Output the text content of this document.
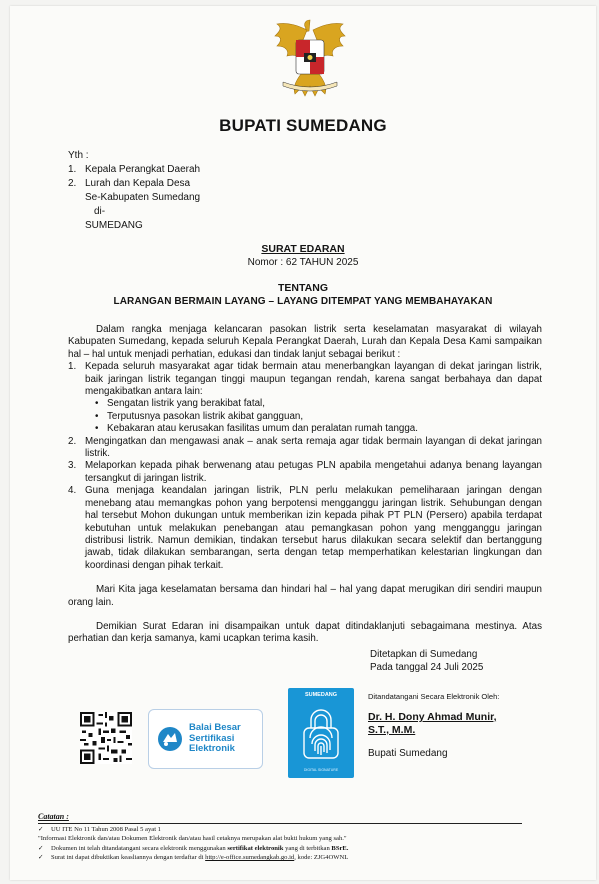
BUPATI SUMEDANG
Yth :
1. Kepala Perangkat Daerah
2. Lurah dan Kepala Desa
Se-Kabupaten Sumedang
di-
SUMEDANG
SURAT EDARAN
Nomor : 62 TAHUN 2025
TENTANG
LARANGAN BERMAIN LAYANG – LAYANG DITEMPAT YANG MEMBAHAYAKAN

Dalam rangka menjaga kelancaran pasokan listrik serta keselamatan masyarakat di wilayah Kabupaten Sumedang, kepada seluruh Kepala Perangkat Daerah, Lurah dan Kepala Desa Kami sampaikan hal – hal untuk menjadi perhatian, edukasi dan tindak lanjut sebagai berikut :

1. Kepada seluruh masyarakat agar tidak bermain atau menerbangkan layangan di dekat jaringan listrik, baik jaringan listrik tegangan tinggi maupun tegangan rendah, karena sangat berbahaya dan dapat mengakibatkan antara lain:
• Sengatan listrik yang berakibat fatal,
• Terputusnya pasokan listrik akibat gangguan,
• Kebakaran atau kerusakan fasilitas umum dan peralatan rumah tangga.
2. Mengingatkan dan mengawasi anak – anak serta remaja agar tidak bermain layangan di dekat jaringan listrik.
3. Melaporkan kepada pihak berwenang atau petugas PLN apabila mengetahui adanya benang layangan tersangkut di jaringan listrik.
4. Guna menjaga keandalan jaringan listrik, PLN perlu melakukan pemeliharaan jaringan dengan menebang atau memangkas pohon yang berpotensi mengganggu jaringan listrik. Sehubungan dengan hal tersebut Mohon dukungan untuk memberikan izin kepada pihak PT PLN (Persero) apabila terdapat kebutuhan untuk melakukan penebangan atau pemangkasan pohon yang mengganggu jaringan distribusi listrik. Namun demikian, tindakan tersebut harus dilakukan secara selektif dan bertanggung jawab, tidak dilakukan sembarangan, serta dengan tetap memperhatikan kelestarian lingkungan dan koordinasi dengan pihak terkait.

Mari Kita jaga keselamatan bersama dan hindari hal – hal yang dapat merugikan diri sendiri maupun orang lain.

Demikian Surat Edaran ini disampaikan untuk dapat ditindaklanjuti sebagaimana mestinya. Atas perhatian dan kerja samanya, kami ucapkan terima kasih.

Ditetapkan di Sumedang
Pada tanggal 24 Juli 2025
Balai Besar
Sertifikasi
Elektronik
SUMEDANG
DIGITAL SIGNATURE
Ditandatangani Secara Elektronik Oleh:
Dr. H. Dony Ahmad Munir,
S.T., M.M.
Bupati Sumedang
Catatan :
✓	UU ITE No 11 Tahun 2008 Pasal 5 ayat 1
"Informasi Elektronik dan/atau Dokumen Elektronik dan/atau hasil cetaknya merupakan alat bukti hukum yang sah."
✓	Dokumen ini telah ditandatangani secara elektronik menggunakan sertifikat elektronik yang di terbitkan BSrE.
✓	Surat ini dapat dibuktikan keasliannya dengan terdaftar di http://e-office.sumedangkab.go.id, kode: ZJG4OWNL
